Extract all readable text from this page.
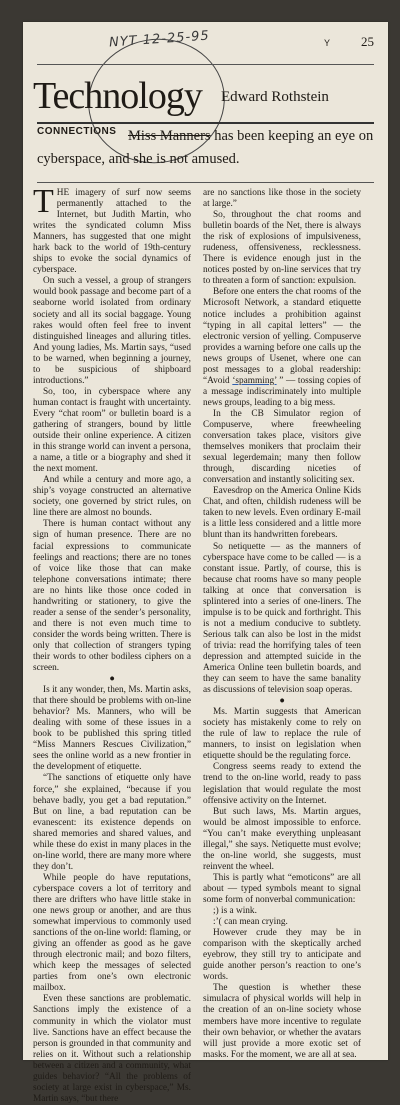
NYT 12-25-95	Y 25
Technology Edward Rothstein
CONNECTIONS Miss Manners has been keeping an eye on cyberspace, and she is not amused.

THE imagery of surf now seems permanently attached to the Internet, but Judith Martin, who writes the syndicated column Miss Manners, has suggested that one might hark back to the world of 19th-century ships to evoke the social dynamics of cyberspace.

On such a vessel, a group of strangers would book passage and become part of a seaborne world isolated from ordinary society and all its social baggage. Young rakes would often feel free to invent distinguished lineages and alluring titles. And young ladies, Ms. Martin says, “used to be warned, when beginning a journey, to be suspicious of shipboard introductions.”

So, too, in cyberspace where any human contact is fraught with uncertainty. Every “chat room” or bulletin board is a gathering of strangers, bound by little outside their online experience. A citizen in this strange world can invent a persona, a name, a title or a biography and shed it the next moment.

And while a century and more ago, a ship’s voyage constructed an alternative society, one governed by strict rules, on line there are almost no bounds.

There is human contact without any sign of human presence. There are no facial expressions to communicate feelings and reactions; there are no tones of voice like those that can make telephone conversations intimate; there are no hints like those once coded in handwriting or stationery, to give the reader a sense of the sender’s personality, and there is not even much time to consider the words being written. There is only that collection of strangers typing their words to other bodiless ciphers on a screen.

●

Is it any wonder, then, Ms. Martin asks, that there should be problems with on-line behavior? Ms. Manners, who will be dealing with some of these issues in a book to be published this spring titled “Miss Manners Rescues Civilization,” sees the online world as a new frontier in the development of etiquette.

“The sanctions of etiquette only have force,” she explained, “because if you behave badly, you get a bad reputation.” But on line, a bad reputation can be evanescent: its existence depends on shared memories and shared values, and while these do exist in many places in the on-line world, there are many more where they don’t.

While people do have reputations, cyberspace covers a lot of territory and there are drifters who have little stake in one news group or another, and are thus somewhat impervious to commonly used sanctions of the on-line world: flaming, or giving an offender as good as he gave through electronic mail; and bozo filters, which keep the messages of selected parties from one’s own electronic mailbox.

Even these sanctions are problematic. Sanctions imply the existence of a community in which the violator must live. Sanctions have an effect because the person is grounded in that community and relies on it. Without such a relationship between a citizen and a community, what guides behavior? “All the problems of society at large exist in cyberspace,” Ms. Martin says, “but there

are no sanctions like those in the society at large.”

So, throughout the chat rooms and bulletin boards of the Net, there is always the risk of explosions of impulsiveness, rudeness, offensiveness, recklessness. There is evidence enough just in the notices posted by on-line services that try to threaten a form of sanction: expulsion.

Before one enters the chat rooms of the Microsoft Network, a standard etiquette notice includes a prohibition against “typing in all capital letters” — the electronic version of yelling. Compuserve provides a warning before one calls up the news groups of Usenet, where one can post messages to a global readership: “Avoid ‘spamming’ ” — tossing copies of a message indiscriminately into multiple news groups, leading to a big mess.

In the CB Simulator region of Compuserve, where freewheeling conversation takes place, visitors give themselves monikers that proclaim their sexual legerdemain; many then follow through, discarding niceties of conversation and instantly soliciting sex.

Eavesdrop on the America Online Kids Chat, and often, childish rudeness will be taken to new levels. Even ordinary E-mail is a little less considered and a little more blunt than its handwritten forebears.

So netiquette — as the manners of cyberspace have come to be called — is a constant issue. Partly, of course, this is because chat rooms have so many people talking at once that conversation is splintered into a series of one-liners. The impulse is to be quick and forthright. This is not a medium conducive to subtlety. Serious talk can also be lost in the midst of trivia: read the horrifying tales of teen depression and attempted suicide in the America Online teen bulletin boards, and they can seem to have the same banality as discussions of television soap operas.

●

Ms. Martin suggests that American society has mistakenly come to rely on the rule of law to replace the rule of manners, to insist on legislation when etiquette should be the regulating force.

Congress seems ready to extend the trend to the on-line world, ready to pass legislation that would regulate the most offensive activity on the Internet.

But such laws, Ms. Martin argues, would be almost impossible to enforce. “You can’t make everything unpleasant illegal,” she says. Netiquette must evolve; the on-line world, she suggests, must reinvent the wheel.

This is partly what “emoticons” are all about — typed symbols meant to signal some form of nonverbal communication:

;) is a wink.

:’( can mean crying.

However crude they may be in comparison with the skeptically arched eyebrow, they still try to anticipate and guide another person’s reaction to one’s words.

The question is whether these simulacra of physical worlds will help in the creation of an on-line society whose members have more incentive to regulate their own behavior, or whether the avatars will just provide a more exotic set of masks. For the moment, we are all at sea.
